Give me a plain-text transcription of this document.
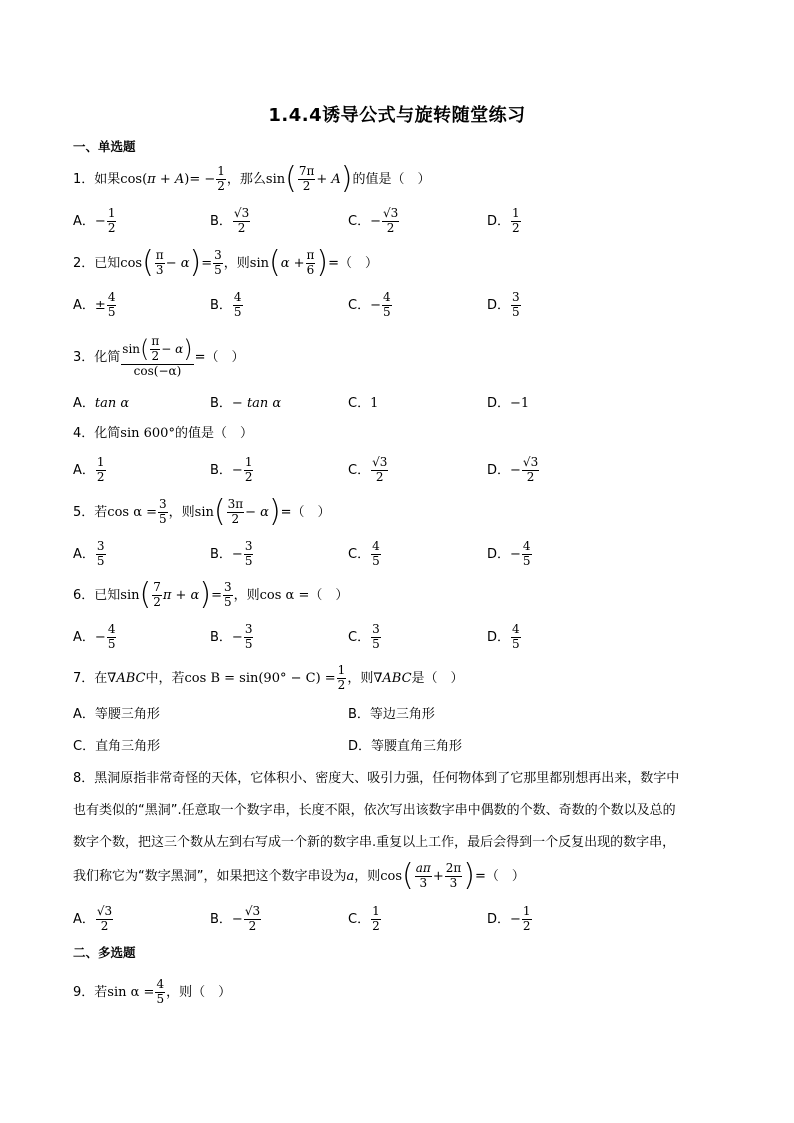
1.4.4诱导公式与旋转随堂练习
一、单选题
1． 如果 cos (π + A) = − $\frac{1}{2}$ ，那么 sin ( $\frac{7\pi}{2} + A$ ) 的值是（　）
A． − $\frac{1}{2}$	B． $\frac{√3}{2}$	C． − $\frac{√3}{2}$	D． $\frac{1}{2}$
2． 已知 cos ( $\frac{\pi}{3} - \alpha$ ) = $\frac{3}{5}$ ，则 sin ( $\alpha + \frac{\pi}{6}$ ) =（　）
A． ± $\frac{4}{5}$	B． $\frac{4}{5}$	C． − $\frac{4}{5}$	D． $\frac{3}{5}$
3． 化简 $\frac{\sin ( \frac{\pi}{2} - \alpha )}{\cos(-\alpha)}$ =（　）
A．tan α	B．− tan α	C．1	D．−1
4．化简sin 600°的值是（　）
A． $\frac{1}{2}$	B． − $\frac{1}{2}$	C． $\frac{√3}{2}$	D． − $\frac{√3}{2}$
5． 若 $\cos \alpha = \frac{3}{5}$ ，则 sin ( $\frac{3\pi}{2} - \alpha$ ) =（　）
A． $\frac{3}{5}$	B． − $\frac{3}{5}$	C． $\frac{4}{5}$	D． − $\frac{4}{5}$
6． 已知 sin ( $\frac{7}{2}$ π + α ) = $\frac{3}{5}$ ，则 cos α = （　）
A． − $\frac{4}{5}$	B． − $\frac{3}{5}$	C． $\frac{3}{5}$	D． $\frac{4}{5}$
7． 在 ∇ABC 中，若 $\cos B = \sin(90^\circ - C) = \frac{1}{2}$ ，则 ∇ABC 是（　）
A．等腰三角形	B．等边三角形
C．直角三角形	D．等腰直角三角形
8．黑洞原指非常奇怪的天体，它体积小、密度大、吸引力强，任何物体到了它那里都别想再出来，数字中
也有类似的“黑洞”.任意取一个数字串，长度不限，依次写出该数字串中偶数的个数、奇数的个数以及总的
数字个数，把这三个数从左到右写成一个新的数字串.重复以上工作，最后会得到一个反复出现的数字串，
我们称它为“数字黑洞”，如果把这个数字串设为 a ，则 cos ( $\frac{a\pi}{3} + \frac{2\pi}{3}$ ) =（　）
A． $\frac{√3}{2}$	B． − $\frac{√3}{2}$	C． $\frac{1}{2}$	D． − $\frac{1}{2}$
二、多选题
9． 若 $\sin \alpha = \frac{4}{5}$ ，则（　）
